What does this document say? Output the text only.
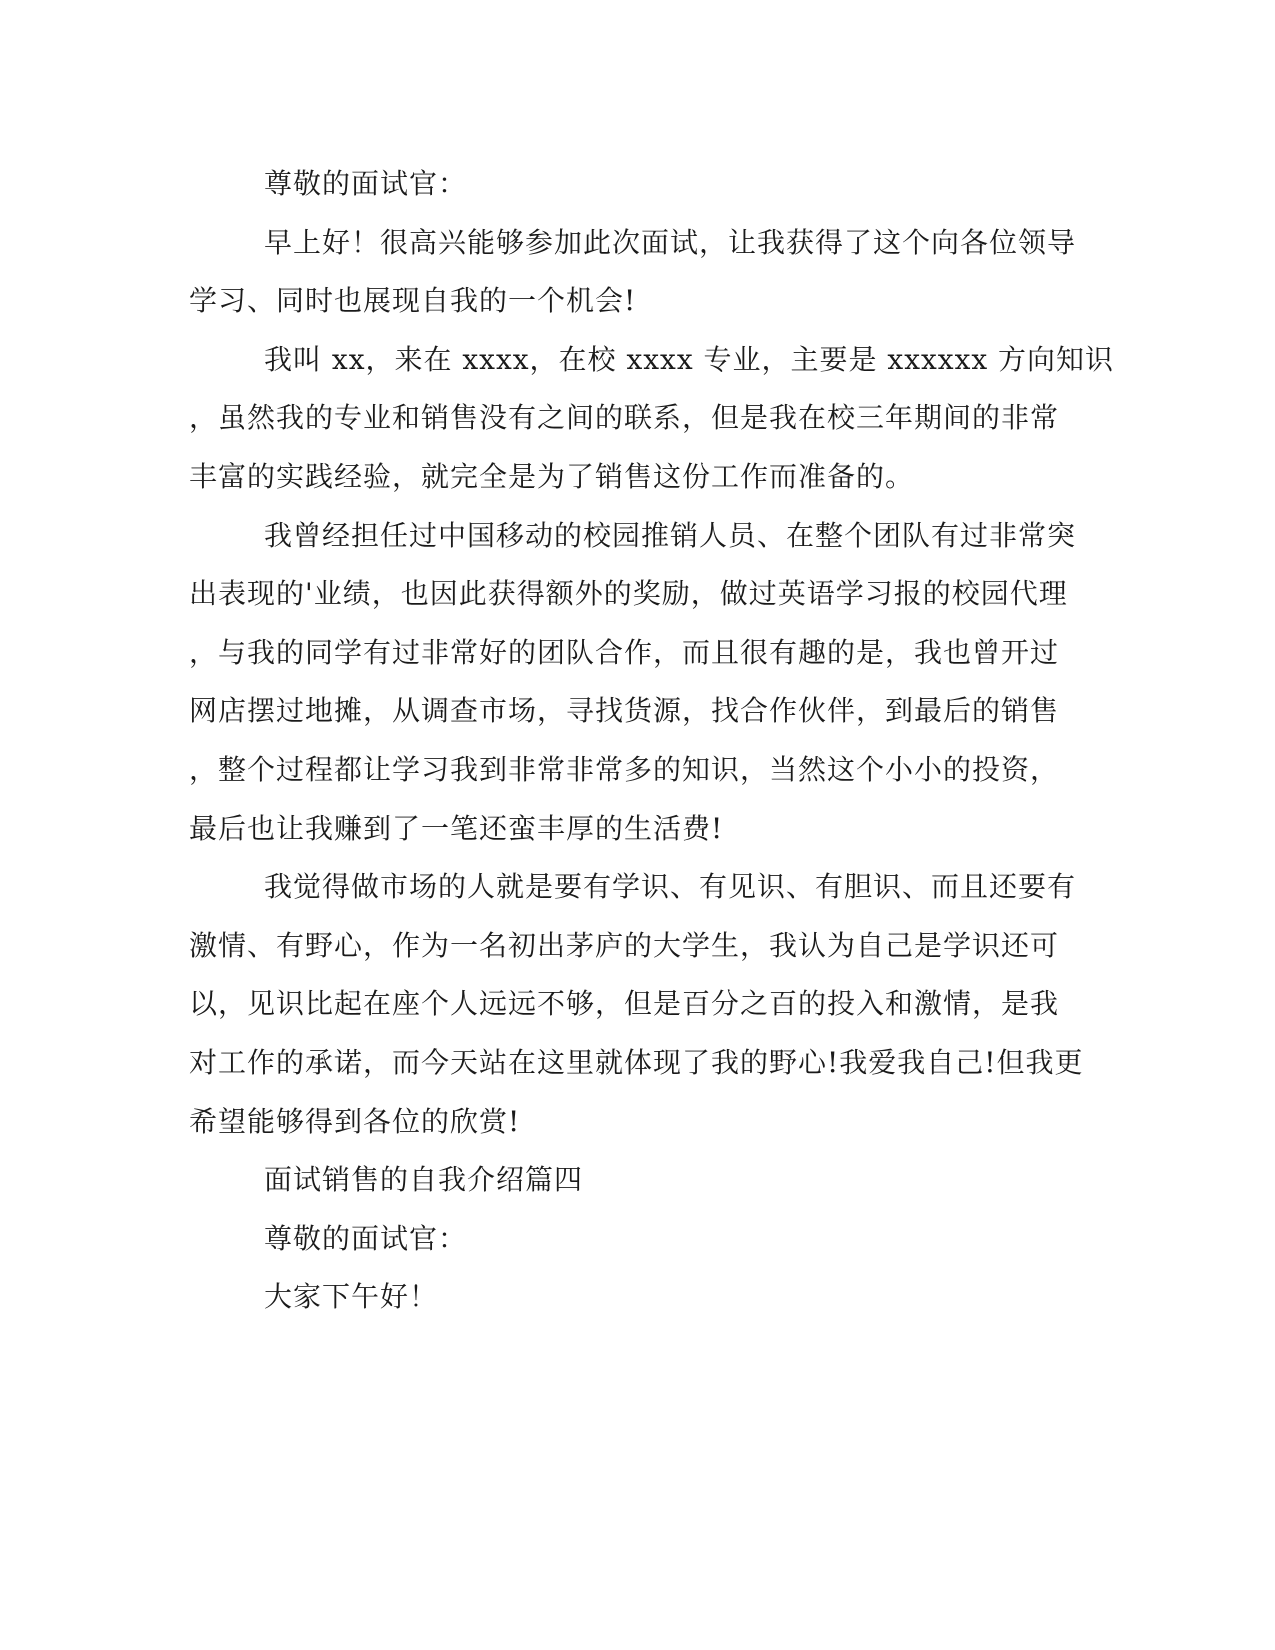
尊敬的面试官：
早上好！很高兴能够参加此次面试，让我获得了这个向各位领导
学习、同时也展现自我的一个机会!
我叫 xx，来在 xxxx，在校 xxxx 专业，主要是 xxxxxx 方向知识
，虽然我的专业和销售没有之间的联系，但是我在校三年期间的非常
丰富的实践经验，就完全是为了销售这份工作而准备的。
我曾经担任过中国移动的校园推销人员、在整个团队有过非常突
出表现的'业绩，也因此获得额外的奖励，做过英语学习报的校园代理
，与我的同学有过非常好的团队合作，而且很有趣的是，我也曾开过
网店摆过地摊，从调查市场，寻找货源，找合作伙伴，到最后的销售
，整个过程都让学习我到非常非常多的知识，当然这个小小的投资，
最后也让我赚到了一笔还蛮丰厚的生活费!
我觉得做市场的人就是要有学识、有见识、有胆识、而且还要有
激情、有野心，作为一名初出茅庐的大学生，我认为自己是学识还可
以，见识比起在座个人远远不够，但是百分之百的投入和激情，是我
对工作的承诺，而今天站在这里就体现了我的野心!我爱我自己!但我更
希望能够得到各位的欣赏!
面试销售的自我介绍篇四
尊敬的面试官：
大家下午好！
